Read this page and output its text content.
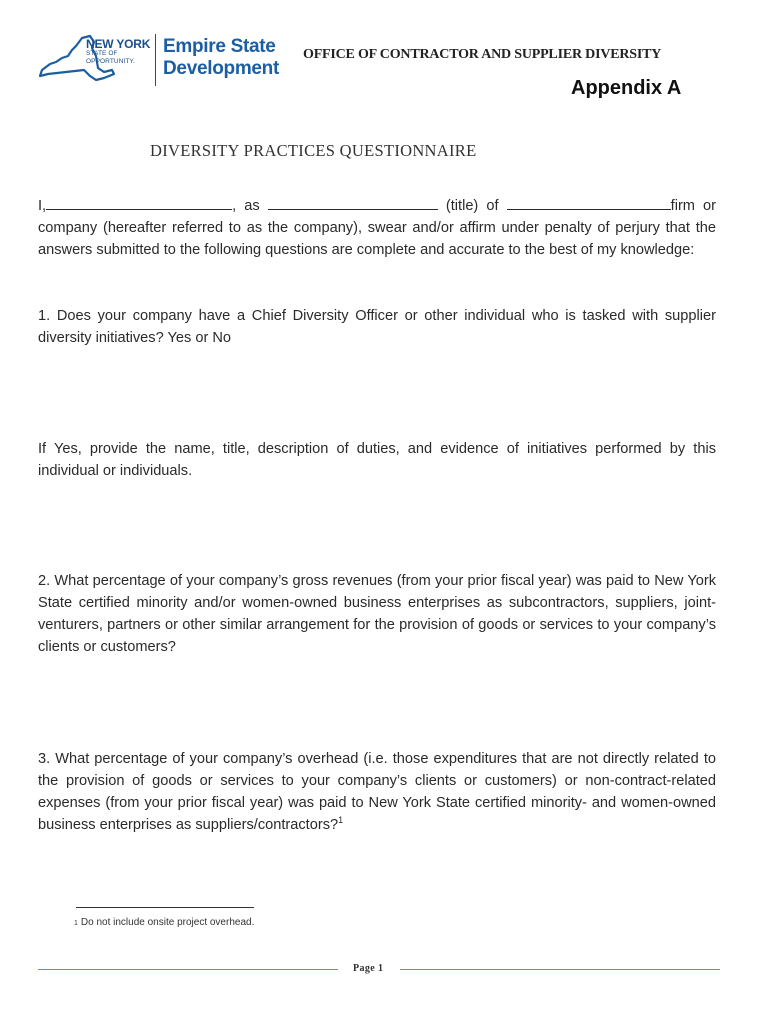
NEW YORK
STATE OF
OPPORTUNITY.
Empire State
Development
OFFICE OF CONTRACTOR AND SUPPLIER DIVERSITY
Appendix A
DIVERSITY PRACTICES QUESTIONNAIRE
I,	, as	(title) of	firm or company (hereafter referred to as the company), swear and/or affirm under penalty of perjury that the answers submitted to the following questions are complete and accurate to the best of my knowledge:
1. Does your company have a Chief Diversity Officer or other individual who is tasked with supplier diversity initiatives? Yes or No
If Yes, provide the name, title, description of duties, and evidence of initiatives performed by this individual or individuals.
2. What percentage of your company’s gross revenues (from your prior fiscal year) was paid to New York State certified minority and/or women-owned business enterprises as subcontractors, suppliers, joint-venturers, partners or other similar arrangement for the provision of goods or services to your company’s clients or customers?
3. What percentage of your company’s overhead (i.e. those expenditures that are not directly related to the provision of goods or services to your company’s clients or customers) or non-contract-related expenses (from your prior fiscal year) was paid to New York State certified minority- and women-owned business enterprises as suppliers/contractors?$^1$
1 Do not include onsite project overhead.
Page 1
